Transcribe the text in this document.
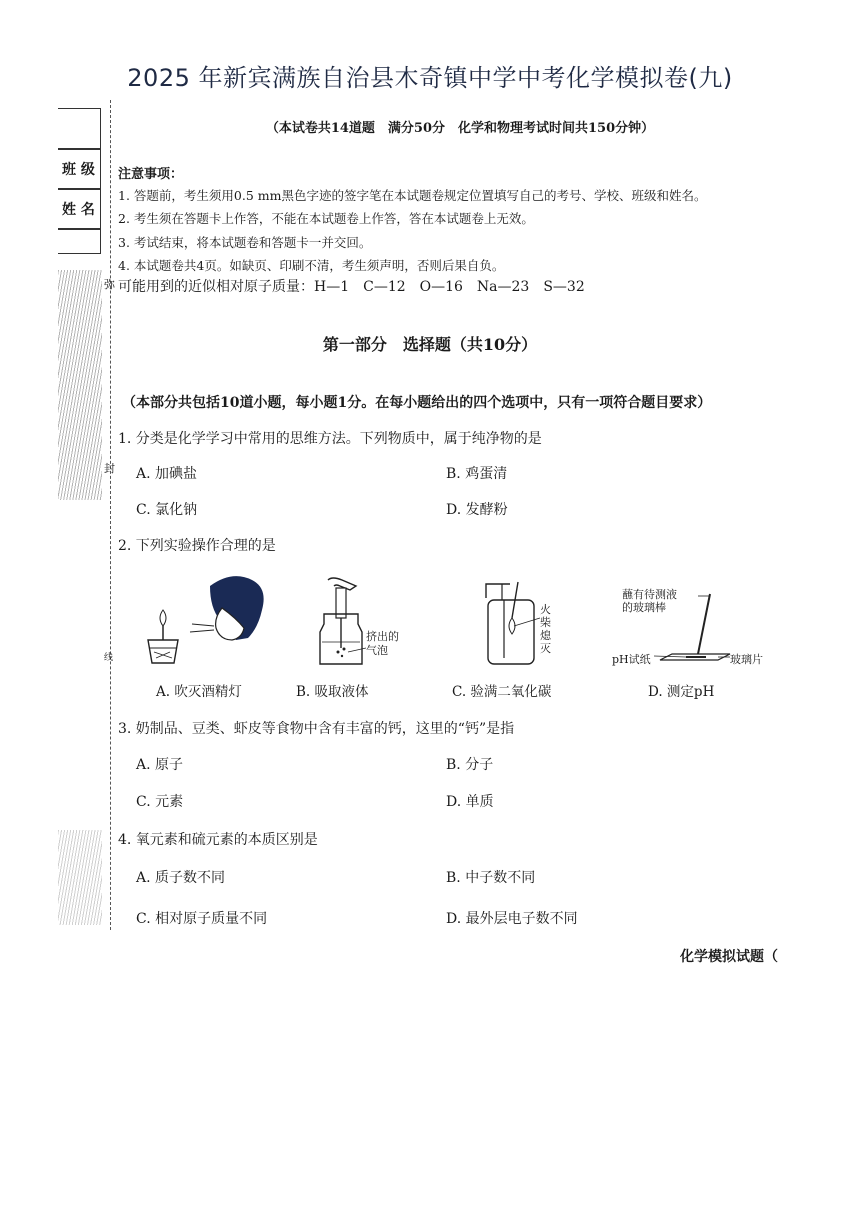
2025 年新宾满族自治县木奇镇中学中考化学模拟卷(九)
班 级
姓 名
弥
封
线
（本试卷共14道题　满分50分　化学和物理考试时间共150分钟）
注意事项：
1. 答题前，考生须用0.5 mm黑色字迹的签字笔在本试题卷规定位置填写自己的考号、学校、班级和姓名。
2. 考生须在答题卡上作答，不能在本试题卷上作答，答在本试题卷上无效。
3. 考试结束，将本试题卷和答题卡一并交回。
4. 本试题卷共4页。如缺页、印刷不清，考生须声明，否则后果自负。
可能用到的近似相对原子质量：H—1　C—12　O—16　Na—23　S—32
第一部分　选择题（共10分）
（本部分共包括10道小题，每小题1分。在每小题给出的四个选项中，只有一项符合题目要求）
1. 分类是化学学习中常用的思维方法。下列物质中，属于纯净物的是
A. 加碘盐	B. 鸡蛋清
C. 氯化钠	D. 发酵粉
2. 下列实验操作合理的是
挤出的
气泡
火
柴
熄
灭
蘸有待测液
的玻璃棒
pH试纸	玻璃片
A. 吹灭酒精灯	B. 吸取液体	C. 验满二氧化碳	D. 测定pH
3. 奶制品、豆类、虾皮等食物中含有丰富的钙，这里的“钙”是指
A. 原子	B. 分子
C. 元素	D. 单质
4. 氧元素和硫元素的本质区别是
A. 质子数不同	B. 中子数不同
C. 相对原子质量不同	D. 最外层电子数不同
化学模拟试题（
